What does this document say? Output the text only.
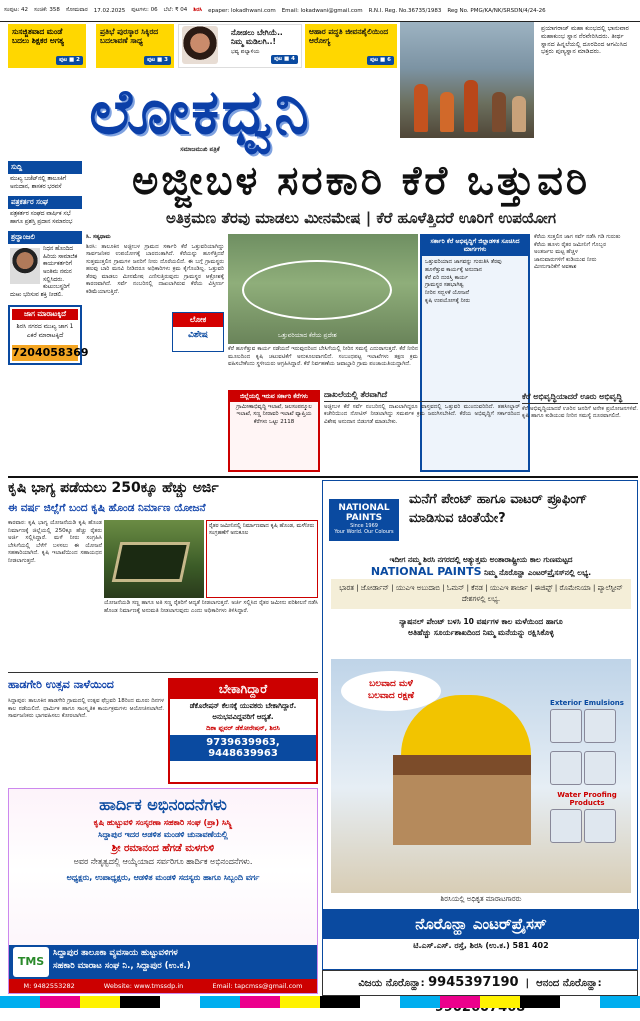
ಸಂಪುಟ: 42 ಸಂಚಿಕೆ: 358 ಸೋಮವಾರ 17.02.2025 ಪುಟಗಳು: 06 ಬೆಲೆ: ₹ 04 ಶಿರಸಿ epaper: lokadhwani.com Email: lokadwani@gmail.com R.N.I. Reg. No.36735/1983 Reg No. PMG/KA/NK/SRSDN/4/24-26
ಸುಸಜ್ಜಿತವಾದ ಮಂಡೆ ಬದಲು ಶಿಕ್ಷಕರ ಅಗತ್ಯ
ಪುಟ ■ 2
ಪ್ರತಿಭೆ ಪುರಸ್ಕಾರ ಸಿಕ್ಕಿರದ ಬದಲಾವಣೆ ಸಾಧ್ಯ
ಪುಟ ■ 3
ನೋಡಲು ಬೇಗಿಯೆ.. ನಿಮ್ಮ ಮಡಿಲಗಿ..!
ಭವ್ಯ ಪಲ್ಯಾಳಿಯ
ಪುಟ ■ 4
ಆಹಾರ ಪದ್ಧತಿ ಜೀವನಶೈಲಿಯಿಂದ ಆರೋಗ್ಯ
ಪುಟ ■ 6
ಲೋಕಧ್ವನಿ
ಸಮಾಜಮುಖಿ ಪತ್ರಿಕೆ
ಪ್ರಯಾಗರಾಜ್ ಮಹಾ ಕುಂಭದಲ್ಲಿ ಭಾನುವಾರ ಮಹಾಕುಂಭ ಸ್ನಾನ ನೆರವೇರಿಸಿದರು. ತೀರ್ಥ ಸ್ನಾನದ ಹಿನ್ನಲೆಯಲ್ಲಿ ದೂರದಿಂದ ಆಗಮಿಸಿದ ಭಕ್ತರು ಪುಣ್ಯಸ್ನಾನ ಮಾಡಿದರು.
ಸುದ್ದಿ
ಮುಖ್ಯ ಬಜೆಟ್‌ನಲ್ಲಿ ತಾಲೂಕಿಗೆ ಅನುದಾನ, ಶಾಸಕರ ಭರವಸೆ
ಪತ್ರಕರ್ತರ ಸಂಘ
ಪತ್ರಕರ್ತರ ಸಂಘದ ವಾರ್ಷಿಕ ಸಭೆ ಹಾಗೂ ಪ್ರಶಸ್ತಿ ಪ್ರದಾನ ಸಮಾರಂಭ
ಶ್ರದ್ಧಾಂಜಲಿ
ನಿಧನ ಹೊಂದಿದ ಹಿರಿಯ ಸಾಮಾಜಿಕ ಕಾರ್ಯಕರ್ತರಿಗೆ ಅಂತಿಮ ನಮನ ಸಲ್ಲಿಸಿದರು. ಕುಟುಂಬಸ್ಥರಿಗೆ ದುಃಖ ಭರಿಸುವ ಶಕ್ತಿ ನೀಡಲಿ.
ಜಾಗ ಮಾರಾಟಕ್ಕಿದೆ
ಶಿರಸಿ ನಗರದ ಮುಖ್ಯ ಜಾಗ 1 ಎಕರೆ ಮಾರಾಟಕ್ಕಿದೆ
7204058369
ಅಜ್ಜೀಬಳ ಸರಕಾರಿ ಕೆರೆ ಒತ್ತುವರಿ
ಅತಿಕ್ರಮಣ ತೆರವು ಮಾಡಲು ಮೀನಮೇಷ | ಕೆರೆ ಹೂಳೆತ್ತಿದರೆ ಊರಿಗೆ ಉಪಯೋಗ
ಸಿ. ಸತ್ಯಧಾಮ
ಶಿರಸಿ: ತಾಲೂಕಿನ ಅಜ್ಜೀಬಳ ಗ್ರಾಮದ ಸರ್ಕಾರಿ ಕೆರೆ ಒತ್ತುವರಿಯಾಗಿದ್ದು ಸಾರ್ವಜನಿಕರ ಉಪಯೋಗಕ್ಕೆ ಬಾರದಂತಾಗಿದೆ. ಕೆರೆಯನ್ನು ಹೂಳೆತ್ತಿದರೆ ಸುತ್ತಮುತ್ತಲಿನ ಗ್ರಾಮಗಳ ಜನರಿಗೆ ನೀರು ದೊರೆಯಲಿದೆ. ಈ ಬಗ್ಗೆ ಗ್ರಾಮಸ್ಥರು ಹಲವು ಬಾರಿ ಮನವಿ ನೀಡಿದರೂ ಅಧಿಕಾರಿಗಳು ಕ್ರಮ ಕೈಗೊಂಡಿಲ್ಲ. ಒತ್ತುವರಿ ತೆರವು ಮಾಡಲು ಮೀನಮೇಷ ಎಣಿಸುತ್ತಿರುವುದು ಗ್ರಾಮಸ್ಥರ ಆಕ್ರೋಶಕ್ಕೆ ಕಾರಣವಾಗಿದೆ. ಸರ್ವೆ ನಂಬರಿನಲ್ಲಿ ದಾಖಲಾಗಿರುವ ಕೆರೆಯ ವಿಸ್ತೀರ್ಣ ಕಡಿಮೆಯಾಗುತ್ತಿದೆ.
ಒತ್ತುವರಿಯಾದ ಕೆರೆಯ ಪ್ರದೇಶ
ಲೋಕ
ವಿಶೇಷ
ಕೆರೆ ಹೂಳೆತ್ತುವ ಕಾರ್ಯ ನಡೆಯದೆ ಇರುವುದರಿಂದ ಬೇಸಿಗೆಯಲ್ಲಿ ನೀರಿನ ಸಮಸ್ಯೆ ಎದುರಾಗುತ್ತದೆ. ಕೆರೆ ನೀರಿನ ಮೂಲದಿಂದ ಕೃಷಿ ಚಟುವಟಿಕೆಗೆ ಅನುಕೂಲವಾಗಲಿದೆ. ಸಂಬಂಧಪಟ್ಟ ಇಲಾಖೆಗಳು ತಕ್ಷಣ ಕ್ರಮ ವಹಿಸಬೇಕೆಂದು ಸ್ಥಳೀಯರು ಆಗ್ರಹಿಸಿದ್ದಾರೆ. ಕೆರೆ ನಿರ್ವಹಣೆಯ ಜವಾಬ್ದಾರಿ ಗ್ರಾಮ ಪಂಚಾಯತಿಯದ್ದಾಗಿದೆ.
ಸರ್ಕಾರಿ ಕೆರೆ ಅಭಿವೃದ್ಧಿಗೆ ಜಿಲ್ಲಾಡಳಿತ ಸೂಚಿಸಿದ ಮಾರ್ಗಗಳು
ಒತ್ತುವರಿಯಾದ ಜಾಗವನ್ನು ಗುರುತಿಸಿ ತೆರವು
ಹೂಳೆತ್ತುವ ಕಾರ್ಯಕ್ಕೆ ಅನುದಾನ
ಕೆರೆ ಏರಿ ದುರಸ್ತಿ ಕಾರ್ಯ
ಗ್ರಾಮಸ್ಥರ ಸಹಭಾಗಿತ್ವ
ನೀರಿನ ಸದ್ಬಳಕೆ ಯೋಜನೆ
ಕೃಷಿ ಉಪಯೋಗಕ್ಕೆ ನೀರು
ಕೆರೆಯ ಸುತ್ತಲಿನ ಜಾಗ ಸರ್ವೆ ನಡೆಸಿ ಗಡಿ ಗುರುತು
ಕೆರೆಯ ಹೂಳು ರೈತರ ಜಮೀನಿಗೆ ಗೊಬ್ಬರ
ಅಂತರ್ಜಲ ಮಟ್ಟ ಹೆಚ್ಚಳ
ಜಾನುವಾರುಗಳಿಗೆ ಕುಡಿಯುವ ನೀರು
ಮೀನುಗಾರಿಕೆಗೆ ಅವಕಾಶ
ಜಿಲ್ಲೆಯಲ್ಲಿ ಇರುವ ಸರ್ಕಾರಿ ಕೆರೆಗಳು
ಗ್ರಾಮೀಣಾಭಿವೃದ್ಧಿ ಇಲಾಖೆ, ಜಲಸಂಪನ್ಮೂಲ ಇಲಾಖೆ, ಸಣ್ಣ ನೀರಾವರಿ ಇಲಾಖೆ ವ್ಯಾಪ್ತಿಯ ಕೆರೆಗಳು ಒಟ್ಟು 2118
ದಾಖಲೆಯಲ್ಲಿ ತೆರವಾಗಿದೆ
ಅಜ್ಜೀಬಳ ಕೆರೆ ಸರ್ವೆ ನಂಬರಿನಲ್ಲಿ ದಾಖಲಾಗಿದ್ದರೂ ವಾಸ್ತವದಲ್ಲಿ ಒತ್ತುವರಿ ಮುಂದುವರಿದಿದೆ. ತಹಸೀಲ್ದಾರ್ ಕಚೇರಿಯಿಂದ ನೋಟಿಸ್ ನೀಡಲಾಗಿದ್ದು ಸಮರ್ಪಕ ಕ್ರಮ ಜರುಗಿಸಬೇಕಿದೆ. ಕೆರೆಯ ಅಭಿವೃದ್ಧಿಗೆ ಸರ್ಕಾರದಿಂದ ವಿಶೇಷ ಅನುದಾನ ಬಿಡುಗಡೆ ಮಾಡಬೇಕು.
ಕೆರೆ ಅಭಿವೃದ್ಧಿಯಾದರೆ ಊರು ಅಭಿವೃದ್ಧಿ
ಕೆರೆ ಅಭಿವೃದ್ಧಿಯಾದರೆ ಊರಿನ ಜನರಿಗೆ ಅನೇಕ ಪ್ರಯೋಜನಗಳಿವೆ. ಕೃಷಿ ಹಾಗೂ ಕುಡಿಯುವ ನೀರಿನ ಸಮಸ್ಯೆ ದೂರವಾಗಲಿದೆ.
ಕೃಷಿ ಭಾಗ್ಯ ಪಡೆಯಲು 250ಕ್ಕೂ ಹೆಚ್ಚು ಅರ್ಜಿ
ಈ ವರ್ಷ ಜಿಲ್ಲೆಗೆ ಬಂದ ಕೃಷಿ ಹೊಂಡ ನಿರ್ಮಾಣ ಯೋಜನೆ
ಕಾರವಾರ: ಕೃಷಿ ಭಾಗ್ಯ ಯೋಜನೆಯಡಿ ಕೃಷಿ ಹೊಂಡ ನಿರ್ಮಾಣಕ್ಕೆ ಜಿಲ್ಲೆಯಲ್ಲಿ 250ಕ್ಕೂ ಹೆಚ್ಚು ರೈತರು ಅರ್ಜಿ ಸಲ್ಲಿಸಿದ್ದಾರೆ. ಮಳೆ ನೀರು ಸಂಗ್ರಹಿಸಿ ಬೇಸಿಗೆಯಲ್ಲಿ ಬೆಳೆಗೆ ಬಳಸಲು ಈ ಯೋಜನೆ ಸಹಕಾರಿಯಾಗಿದೆ. ಕೃಷಿ ಇಲಾಖೆಯಿಂದ ಸಹಾಯಧನ ನೀಡಲಾಗುತ್ತದೆ.
ರೈತರ ಜಮೀನಿನಲ್ಲಿ ನಿರ್ಮಾಣವಾದ ಕೃಷಿ ಹೊಂಡ, ಮಳೆನೀರು ಸಂಗ್ರಹಣೆಗೆ ಅನುಕೂಲ
ಯೋಜನೆಯಡಿ ಸಣ್ಣ ಹಾಗೂ ಅತಿ ಸಣ್ಣ ರೈತರಿಗೆ ಆದ್ಯತೆ ನೀಡಲಾಗುತ್ತದೆ. ಅರ್ಜಿ ಸಲ್ಲಿಸಿದ ರೈತರ ಜಮೀನು ಪರಿಶೀಲನೆ ನಡೆಸಿ ಹೊಂಡ ನಿರ್ಮಾಣಕ್ಕೆ ಅನುಮತಿ ನೀಡಲಾಗುವುದು ಎಂದು ಅಧಿಕಾರಿಗಳು ತಿಳಿಸಿದ್ದಾರೆ.
ಹಾಡಗೇರಿ ಉತ್ಸವ ನಾಳೆಯಿಂದ
ಸಿದ್ದಾಪುರ: ತಾಲೂಕಿನ ಹಾಡಗೇರಿ ಗ್ರಾಮದಲ್ಲಿ ಉತ್ಸವ ಫೆಬ್ರವರಿ 18ರಿಂದ ಮೂರು ದಿನಗಳ ಕಾಲ ನಡೆಯಲಿದೆ. ಧಾರ್ಮಿಕ ಹಾಗೂ ಸಾಂಸ್ಕೃತಿಕ ಕಾರ್ಯಕ್ರಮಗಳು ಆಯೋಜಿಸಲಾಗಿದೆ. ಸಾರ್ವಜನಿಕರು ಭಾಗವಹಿಸಲು ಕೋರಲಾಗಿದೆ.
ಬೇಕಾಗಿದ್ದಾರೆ
ಡೆಕೊರೇಷನ್ ಕೆಲಸಕ್ಕೆ ಯುವಕರು ಬೇಕಾಗಿದ್ದಾರೆ. ಅನುಭವವಿದ್ದವರಿಗೆ ಆದ್ಯತೆ.
ದಿಶಾ ಫ್ಲವರ್ ಡೆಕೋರೇಷನ್, ಶಿರಸಿ
9739639963, 9448639963
ಹಾರ್ದಿಕ ಅಭಿನಂದನೆಗಳು
ಕೃಷಿ ಹುಟ್ಟುವಳಿ ಸಂಸ್ಕರಣಾ ಸಹಕಾರಿ ಸಂಘ (ಪ್ರಾ) ಸಿಸ್ಕ್ಲಿ
ಸಿದ್ದಾಪುರ ಇದರ ಆಡಳಿತ ಮಂಡಳಿ ಚುನಾವಣೆಯಲ್ಲಿ
ಶ್ರೀ ರಮಾನಂದ ಹೆಗಡೆ ಮಳಗುಳಿ
ಅವರ ನೇತೃತ್ವದಲ್ಲಿ ಆಯ್ಕೆಯಾದ ಸರ್ವರಿಗೂ ಹಾರ್ದಿಕ ಅಭಿನಂದನೆಗಳು.
ಅಧ್ಯಕ್ಷರು, ಉಪಾಧ್ಯಕ್ಷರು, ಆಡಳಿತ ಮಂಡಳಿ ಸದಸ್ಯರು ಹಾಗೂ ಸಿಬ್ಬಂದಿ ವರ್ಗ
ಸಿದ್ದಾಪುರ ತಾಲೂಕಾ ವ್ಯವಸಾಯ ಹುಟ್ಟುವಳಿಗಳ
ಸಹಕಾರಿ ಮಾರಾಟ ಸಂಘ ನಿ., ಸಿದ್ದಾಪುರ (ಉ.ಕ.)
TMS
M: 9482553282	Website: www.tmssdp.in	Email: tapcmss@gmail.com
NATIONAL
PAINTS
Since 1969
Your World. Our Colours
ಮನೆಗೆ ಪೇಂಟ್ ಹಾಗೂ ವಾಟರ್ ಪ್ರೂಫಿಂಗ್ ಮಾಡಿಸುವ ಚಿಂತೆಯೇ?
ಇದೀಗ ನಮ್ಮ ಶಿರಸಿ ನಗರದಲ್ಲಿ ಅತ್ಯುತ್ತಮ ಅಂತಾರಾಷ್ಟ್ರೀಯ ಕಾಲ ಗುಣಮಟ್ಟದ
NATIONAL PAINTS ನಿಮ್ಮ ನೊರೊನ್ಹಾ ಎಂಟರ್‌ಪ್ರೈಸಸ್‌ನಲ್ಲಿ ಲಭ್ಯ.
ಭಾರತ | ಜೋರ್ಡಾನ್ | ಯುಎಇ ಅಬುದಾಬಿ | ಓಮನ್ | ಕೆನಡ | ಯುಎಇ ಶಾರ್ಜಾ | ಈಜಿಪ್ಟ್ | ರೊಮೇನಿಯಾ | ಪ್ಯಾಲೆಸ್ಟೀನ್ ದೇಶಗಳಲ್ಲಿ ಲಭ್ಯ.
ನ್ಯಾಷನಲ್ ಪೇಂಟ್ ಬಳಸಿ 10 ವರ್ಷಗಳ ಕಾಲ ಮಳೆಯಿಂದ ಹಾಗೂ
ಅತಿಹೆಚ್ಚು ಸೂರ್ಯಶಾಖದಿಂದ ನಿಮ್ಮ ಮನೆಯನ್ನು ರಕ್ಷಿಸಿಕೊಳ್ಳಿ
ಬಲವಾದ ಮಳೆ
ಬಲವಾದ ರಕ್ಷಣೆ
Exterior Emulsions

Water Proofing Products
ಶಿರಸಿಯಲ್ಲಿ ಅಧಿಕೃತ ಮಾರಾಟಗಾರರು
ನೊರೊನ್ಹಾ ಎಂಟರ್‌ಪ್ರೈಸಸ್
ಟಿ.ಎಸ್.ಎಸ್. ರಸ್ತೆ, ಶಿರಸಿ (ಉ.ಕ.) 581 402
ವಿಜಯ ನೊರೊನ್ಹಾ: 9945397190  |  ಆನಂದ ನೊರೊನ್ಹಾ:
